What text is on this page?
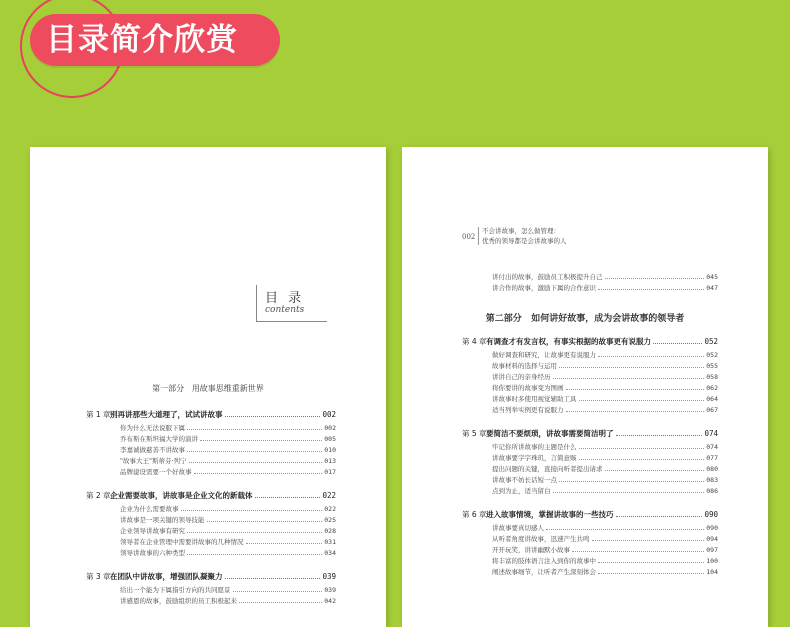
目录简介欣赏
目 录
contents
第一部分 用故事思维重新世界
第 1 章 别再讲那些大道理了，试试讲故事	002
你为什么无法说服下属	002
乔布斯在斯坦福大学的演讲	005
李嘉诚做慈善不讲故事	010
"故事大王"斯蒂芬·列宁	013
品牌建设需要一个好故事	017
第 2 章 企业需要故事，讲故事是企业文化的新载体	022
企业为什么需要故事	022
讲故事是一项关键的领导技能	025
企业领导讲故事有研究	028
领导者在企业管理中需要讲故事的几种情况	031
领导讲故事的六种类型	034
第 3 章 在团队中讲故事，增强团队凝聚力	039
给出一个能为下属指引方向的共同愿景	039
讲感恩的故事，鼓励组织的员工积极起来	042
002
不会讲故事，怎么做管理：
优秀的领导都是会讲故事的人
第二部分 如何讲好故事，成为会讲故事的领导者
讲付出的故事，鼓励员工积极提升自己	045
讲合作的故事，激励下属的合作意识	047
第 4 章 有调查才有发言权，有事实根据的故事更有说服力	052
做好调查和研究，让故事更有说服力	052
故事材料的选择与运用	055
讲讲自己的亲身经历	058
将你要讲的故事变为图画	062
讲故事时多使用视觉辅助工具	064
适当列举实例更有说服力	067
第 5 章 要简洁不要烦琐，讲故事需要简洁明了	074
牢记你所讲故事的主题是什么	074
讲故事要字字珠玑，言简意赅	077
提出问题的关键，直接向听者提出请求	080
讲故事不妨长话短一点	083
点到为止，适当留白	086
第 6 章 进入故事情境，掌握讲故事的一些技巧	090
讲故事要真切感人	090
从听者角度讲故事，迅速产生共鸣	094
开开玩笑，讲讲幽默小故事	097
将丰富的肢体语言注入到你的故事中	100
阐述故事细节，让听者产生深刻体会	104
